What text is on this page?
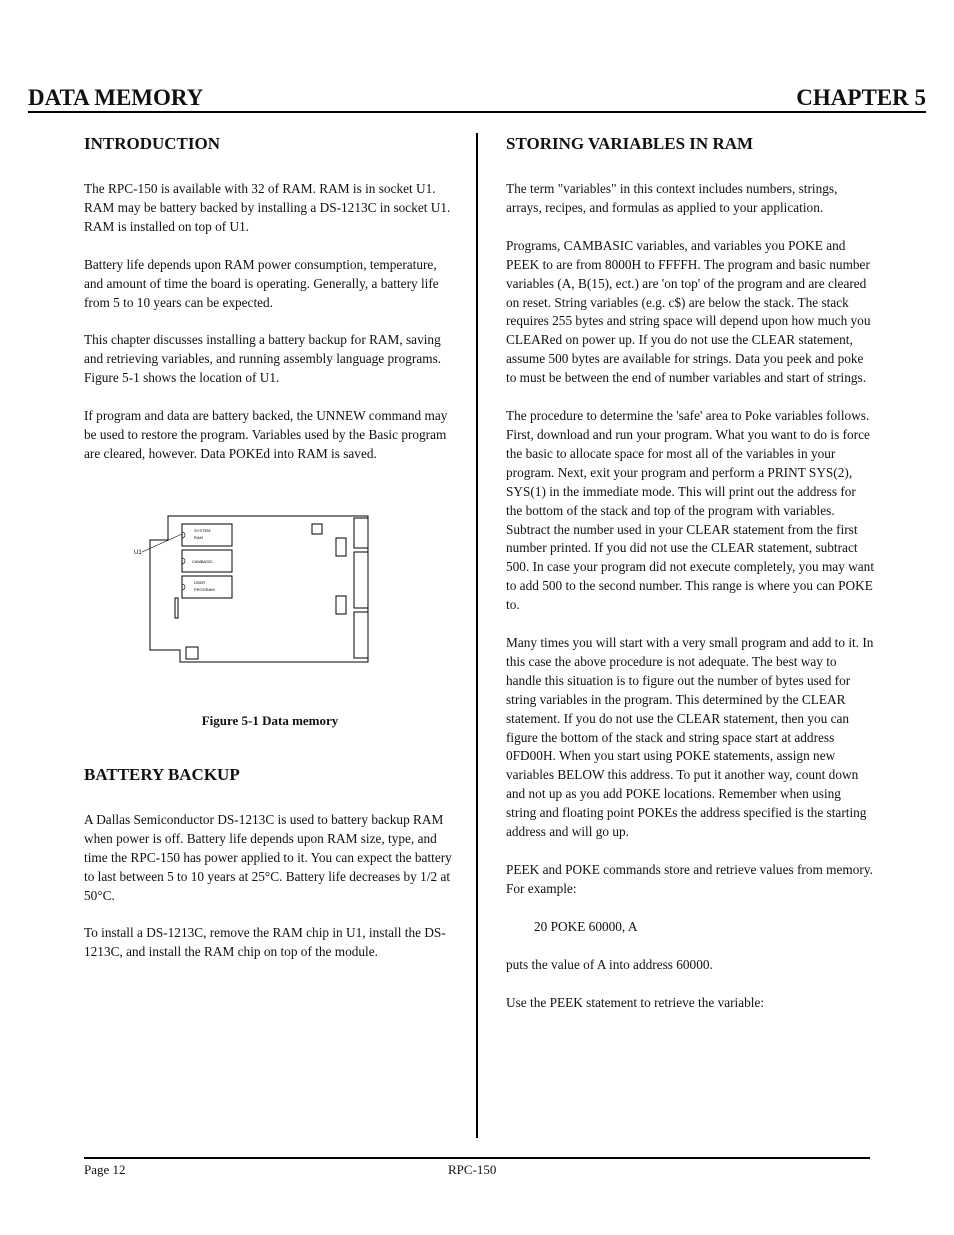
DATA MEMORY	CHAPTER 5
INTRODUCTION

The RPC-150 is available with 32 of RAM. RAM is in socket U1. RAM may be battery backed by installing a DS-1213C in socket U1. RAM is installed on top of U1.

Battery life depends upon RAM power consumption, temperature, and amount of time the board is operating. Generally, a battery life from 5 to 10 years can be expected.

This chapter discusses installing a battery backup for RAM, saving and retrieving variables, and running assembly language programs. Figure 5-1 shows the location of U1.

If program and data are battery backed, the UNNEW command may be used to restore the program. Variables used by the Basic program are cleared, however. Data POKEd into RAM is saved.

U1
SYSTEM
RAM
CAMBASIC
USER
PROGRAM
Figure 5-1 Data memory
BATTERY BACKUP

A Dallas Semiconductor DS-1213C is used to battery backup RAM when power is off. Battery life depends upon RAM size, type, and time the RPC-150 has power applied to it. You can expect the battery to last between 5 to 10 years at 25°C. Battery life decreases by 1/2 at 50°C.

To install a DS-1213C, remove the RAM chip in U1, install the DS-1213C, and install the RAM chip on top of the module.

STORING VARIABLES IN RAM

The term "variables" in this context includes numbers, strings, arrays, recipes, and formulas as applied to your application.

Programs, CAMBASIC variables, and variables you POKE and PEEK to are from 8000H to FFFFH. The program and basic number variables (A, B(15), ect.) are 'on top' of the program and are cleared on reset. String variables (e.g. c$) are below the stack. The stack requires 255 bytes and string space will depend upon how much you CLEARed on power up. If you do not use the CLEAR statement, assume 500 bytes are available for strings. Data you peek and poke to must be between the end of number variables and start of strings.

The procedure to determine the 'safe' area to Poke variables follows. First, download and run your program. What you want to do is force the basic to allocate space for most all of the variables in your program. Next, exit your program and perform a PRINT SYS(2), SYS(1) in the immediate mode. This will print out the address for the bottom of the stack and top of the program with variables. Subtract the number used in your CLEAR statement from the first number printed. If you did not use the CLEAR statement, subtract 500. In case your program did not execute completely, you may want to add 500 to the second number. This range is where you can POKE to.

Many times you will start with a very small program and add to it. In this case the above procedure is not adequate. The best way to handle this situation is to figure out the number of bytes used for string variables in the program. This determined by the CLEAR statement. If you do not use the CLEAR statement, then you can figure the bottom of the stack and string space start at address 0FD00H. When you start using POKE statements, assign new variables BELOW this address. To put it another way, count down and not up as you add POKE locations. Remember when using string and floating point POKEs the address specified is the starting address and will go up.

PEEK and POKE commands store and retrieve values from memory. For example:

20 POKE 60000, A

puts the value of A into address 60000.

Use the PEEK statement to retrieve the variable:

Page 12	RPC-150
